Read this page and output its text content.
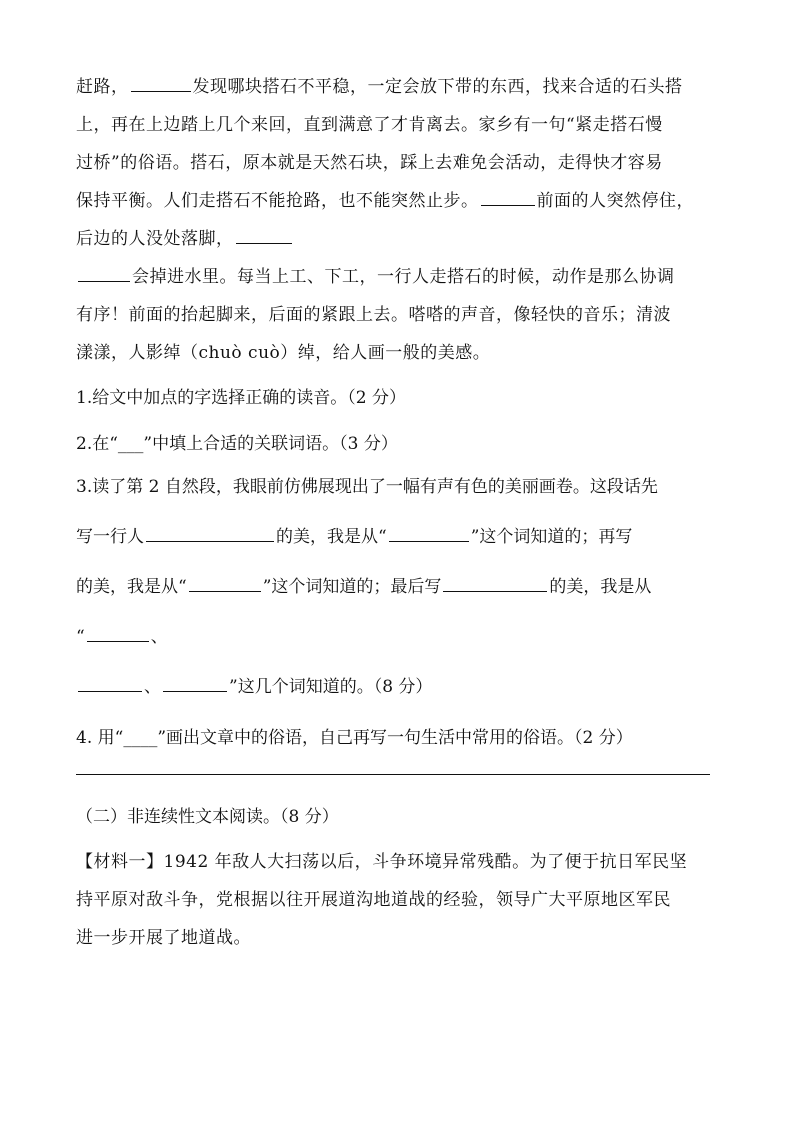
赶路，	发现哪块搭石不平稳，一定会放下带的东西，找来合适的石头搭
上，再在上边踏上几个来回，直到满意了才肯离去。家乡有一句“紧走搭石慢
过桥”的俗语。搭石，原本就是天然石块，踩上去难免会活动，走得快才容易
保持平衡。人们走搭石不能抢路，也不能突然止步。	前面的人突然停住，
后边的人没处落脚，
会掉进水里。每当上工、下工，一行人走搭石的时候，动作是那么协调
有序！前面的抬起脚来，后面的紧跟上去。嗒嗒的声音，像轻快的音乐；清波
漾漾，人影绰（chuò cuò）绰，给人画一般的美感。
1.给文中加点的字选择正确的读音。（2 分）
2.在“___”中填上合适的关联词语。（3 分）
3.读了第 2 自然段，我眼前仿佛展现出了一幅有声有色的美丽画卷。这段话先
写一行人	的美，我是从“	”这个词知道的；再写
的美，我是从“	”这个词知道的；最后写	的美，我是从
“	、
、	”这几个词知道的。（8 分）
4. 用“____”画出文章中的俗语，自己再写一句生活中常用的俗语。（2 分）
（二）非连续性文本阅读。（8 分）
【材料一】1942 年敌人大扫荡以后，斗争环境异常残酷。为了便于抗日军民坚
持平原对敌斗争，党根据以往开展道沟地道战的经验，领导广大平原地区军民
进一步开展了地道战。
